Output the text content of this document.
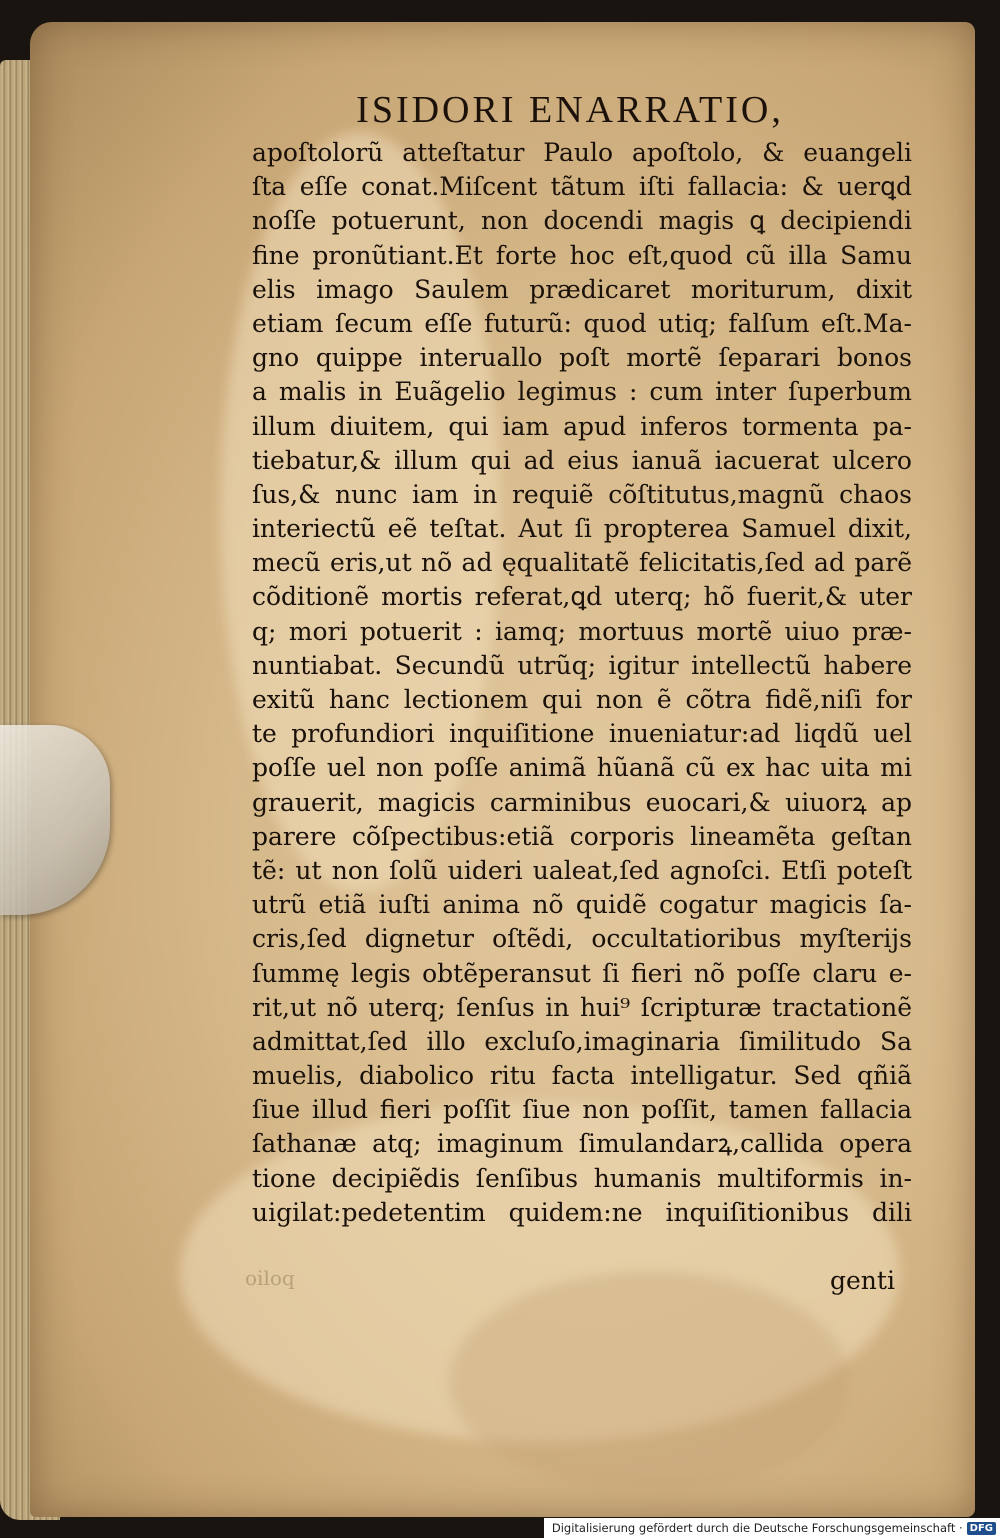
ISIDORI ENARRATIO,
apoſtolorũ atteſtatur Paulo apoſtolo, & euangeli
ſta eſſe conat.Miſcent tãtum iſti fallacia: & uerꝗd
noſſe potuerunt, non docendi magis ꝗ decipiendi
fine pronũtiant.Et forte hoc eſt,quod cũ illa Samu
elis imago Saulem prædicaret moriturum, dixit
etiam ſecum eſſe futurũ: quod utiq; falſum eſt.Ma-
gno quippe interuallo poſt mortẽ ſeparari bonos
a malis in Euãgelio legimus : cum inter ſuperbum
illum diuitem, qui iam apud inferos tormenta pa-
tiebatur,& illum qui ad eius ianuã iacuerat ulcero
ſus,& nunc iam in requiẽ cõſtitutus,magnũ chaos
interiectũ eẽ teſtat. Aut ſi propterea Samuel dixit,
mecũ eris,ut nõ ad ęqualitatẽ felicitatis,ſed ad parẽ
cõditionẽ mortis referat,ꝗd uterq; hõ fuerit,& uter
q; mori potuerit : iamq; mortuus mortẽ uiuo præ-
nuntiabat. Secundũ utrũq; igitur intellectũ habere
exitũ hanc lectionem qui non ẽ cõtra fidẽ,niſi for
te profundiori inquiſitione inueniatur:ad liqdũ uel
poſſe uel non poſſe animã hũanã cũ ex hac uita mi
grauerit, magicis carminibus euocari,& uiuorꝝ ap
parere cõſpectibus:etiã corporis lineamẽta geſtan
tẽ: ut non ſolũ uideri ualeat,ſed agnoſci. Etſi poteſt
utrũ etiã iuſti anima nõ quidẽ cogatur magicis ſa-
cris,ſed dignetur oſtẽdi, occultatioribus myſterijs
ſummę legis obtẽperansut ſi fieri nõ poſſe claru e-
rit,ut nõ uterq; ſenſus in hui⁹ ſcripturæ tractationẽ
admittat,ſed illo excluſo,imaginaria ſimilitudo Sa
muelis, diabolico ritu facta intelligatur. Sed qñiã
ſiue illud fieri poſſit ſiue non poſſit, tamen fallacia
ſathanæ atq; imaginum ſimulandarꝝ,callida opera
tione decipiẽdis ſenſibus humanis multiformis in-
uigilat:pedetentim quidem:ne inquiſitionibus dili
oiloq	genti
Digitalisierung gefördert durch die Deutsche Forschungsgemeinschaft · DFG
